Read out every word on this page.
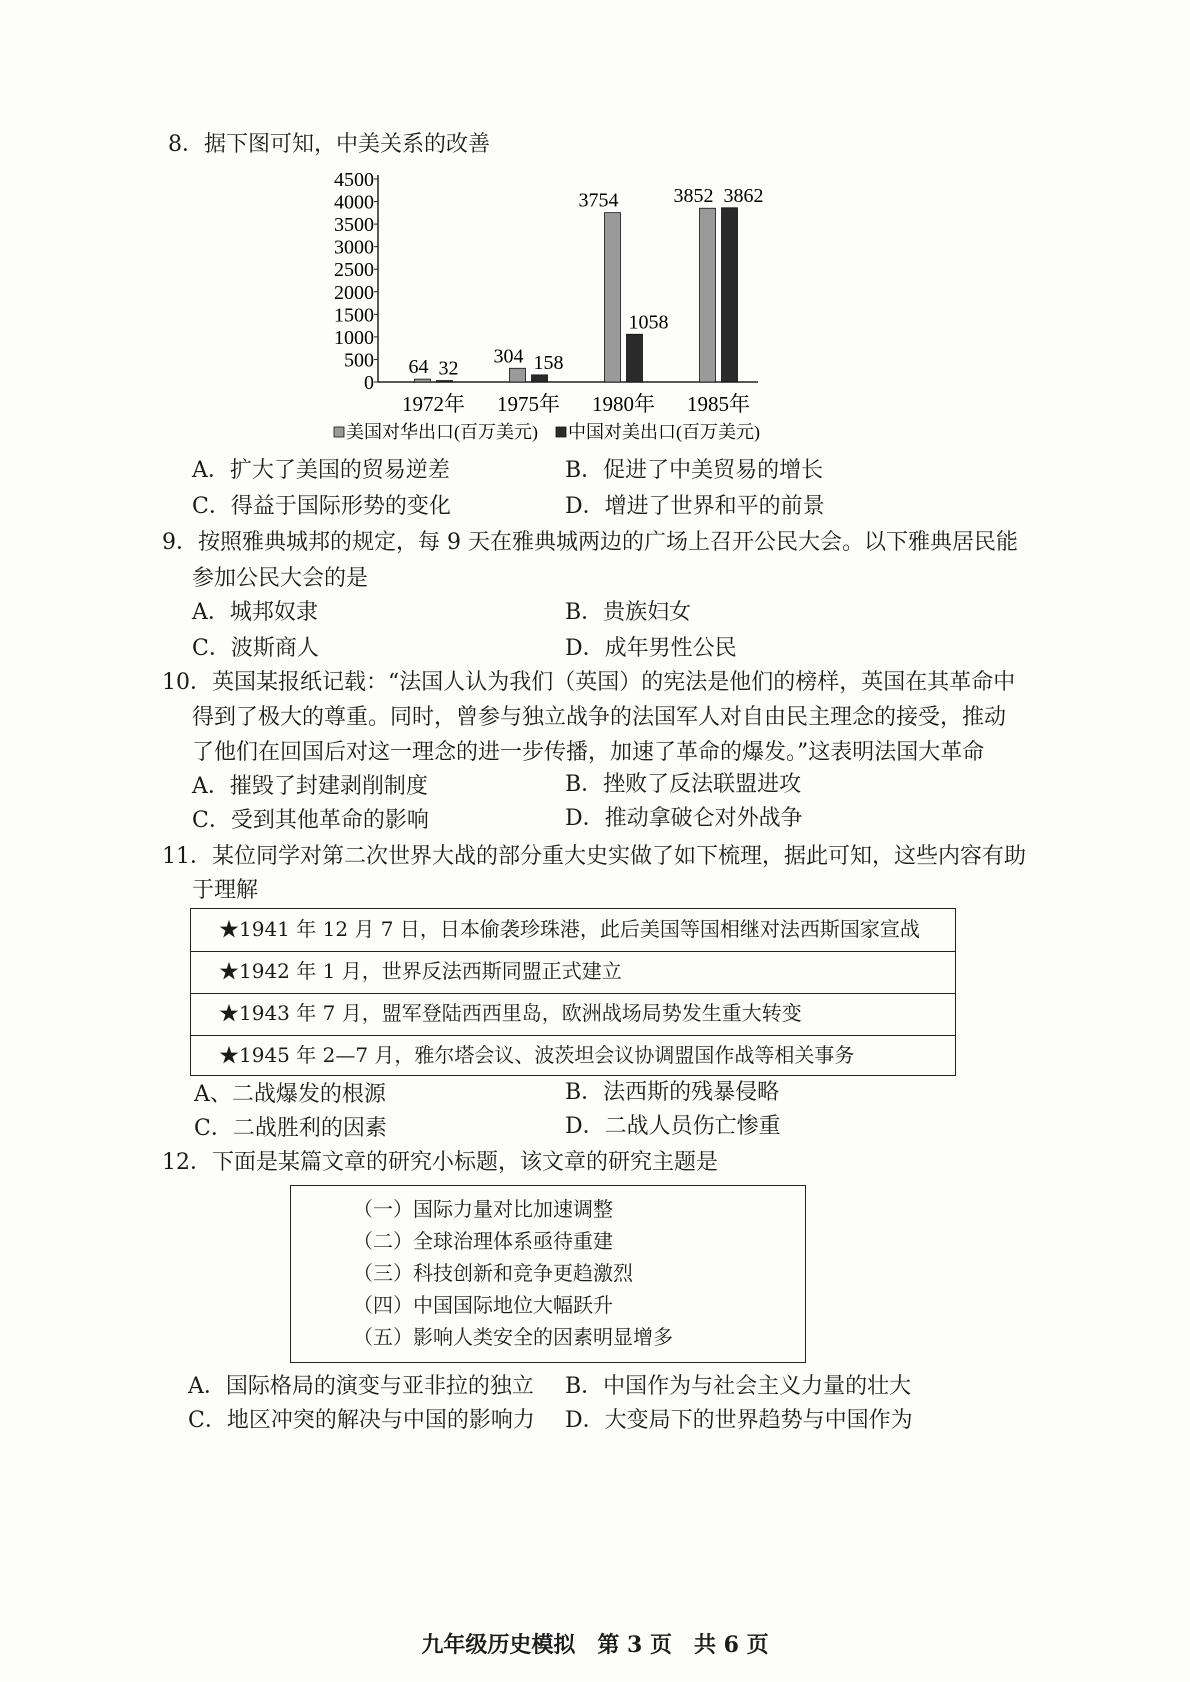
8．据下图可知，中美关系的改善
0
500
1000
1500
2000
2500
3000
3500
4000
4500
64 32
1972年
304 158
1975年
3754
1058
1980年
3852 3862
1985年
美国对华出口(百万美元) 中国对美出口(百万美元)
A．扩大了美国的贸易逆差	B．促进了中美贸易的增长
C．得益于国际形势的变化	D．增进了世界和平的前景
9．按照雅典城邦的规定，每 9 天在雅典城两边的广场上召开公民大会。以下雅典居民能
参加公民大会的是
A．城邦奴隶	B．贵族妇女
C．波斯商人	D．成年男性公民
10．英国某报纸记载：“法国人认为我们（英国）的宪法是他们的榜样，英国在其革命中
得到了极大的尊重。同时，曾参与独立战争的法国军人对自由民主理念的接受，推动
了他们在回国后对这一理念的进一步传播，加速了革命的爆发。”这表明法国大革命
A．摧毁了封建剥削制度	B．挫败了反法联盟进攻
C．受到其他革命的影响	D．推动拿破仑对外战争
11．某位同学对第二次世界大战的部分重大史实做了如下梳理，据此可知，这些内容有助
于理解
★1941 年 12 月 7 日，日本偷袭珍珠港，此后美国等国相继对法西斯国家宣战
★1942 年 1 月，世界反法西斯同盟正式建立
★1943 年 7 月，盟军登陆西西里岛，欧洲战场局势发生重大转变
★1945 年 2—7 月，雅尔塔会议、波茨坦会议协调盟国作战等相关事务
A、二战爆发的根源	B．法西斯的残暴侵略
C．二战胜利的因素	D．二战人员伤亡惨重
12．下面是某篇文章的研究小标题，该文章的研究主题是
（一）国际力量对比加速调整
（二）全球治理体系亟待重建
（三）科技创新和竞争更趋激烈
（四）中国国际地位大幅跃升
（五）影响人类安全的因素明显增多
A．国际格局的演变与亚非拉的独立 B．中国作为与社会主义力量的壮大
C．地区冲突的解决与中国的影响力 D．大变局下的世界趋势与中国作为
九年级历史模拟　第 3 页　共 6 页
